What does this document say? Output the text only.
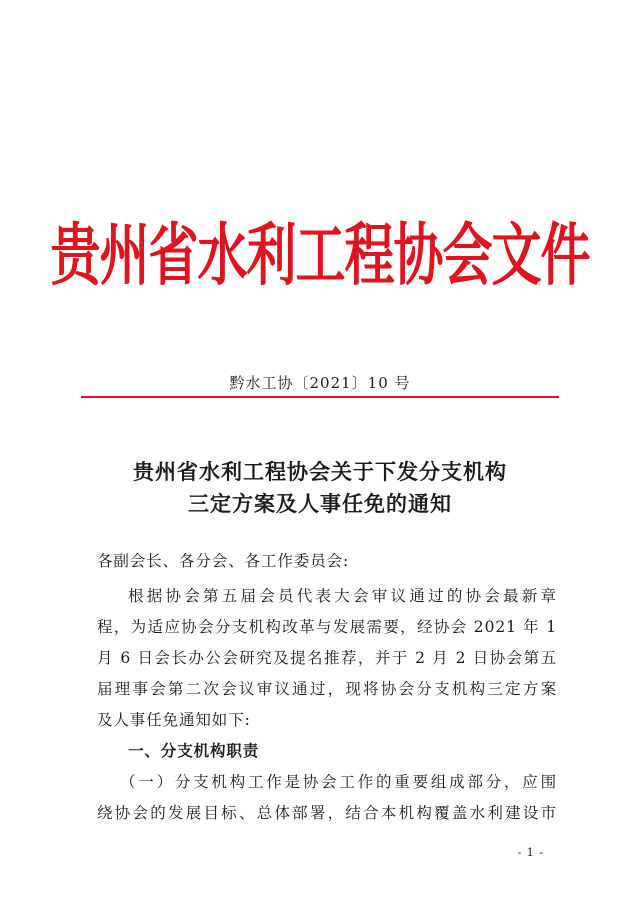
贵州省水利工程协会文件
黔水工协〔2021〕10 号
贵州省水利工程协会关于下发分支机构
三定方案及人事任免的通知
各副会长、各分会、各工作委员会:
根据协会第五届会员代表大会审议通过的协会最新章
程，为适应协会分支机构改革与发展需要，经协会 2021 年 1
月 6 日会长办公会研究及提名推荐，并于 2 月 2 日协会第五
届理事会第二次会议审议通过，现将协会分支机构三定方案
及人事任免通知如下:
一、分支机构职责
（一）分支机构工作是协会工作的重要组成部分，应围
绕协会的发展目标、总体部署，结合本机构覆盖水利建设市
- 1 -
